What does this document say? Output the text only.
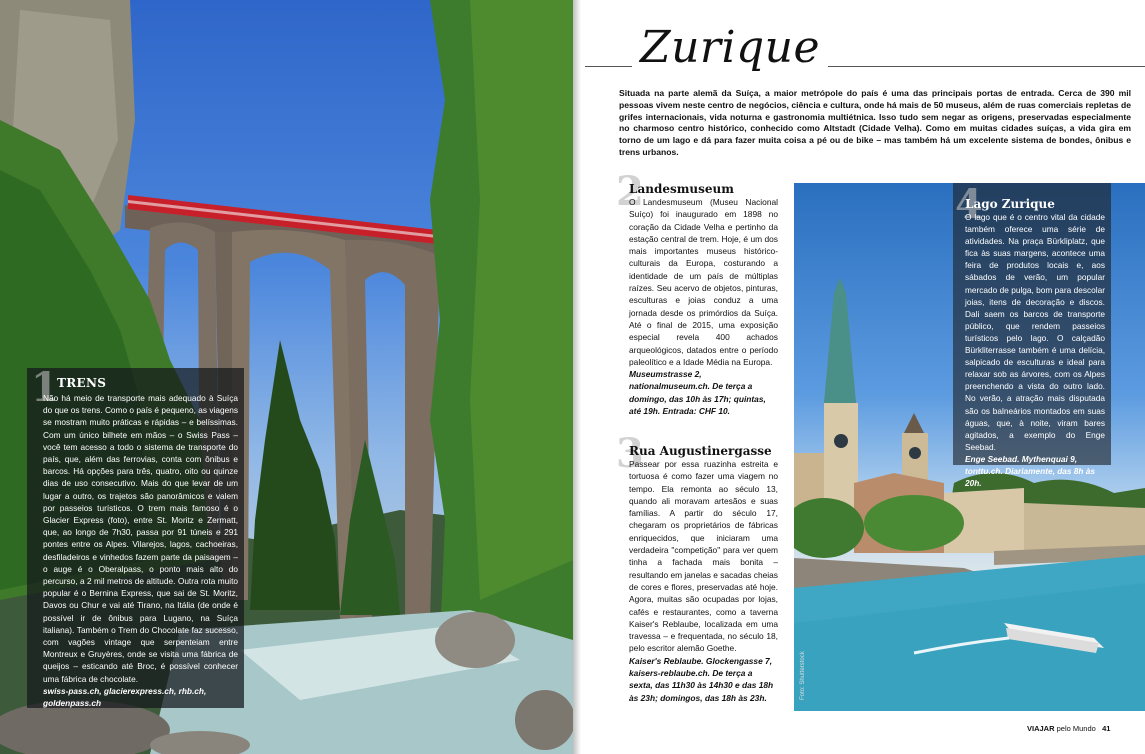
1
TRENS
Não há meio de transporte mais adequado à Suíça do que os trens. Como o país é pequeno, as viagens se mostram muito práticas e rápidas – e belíssimas. Com um único bilhete em mãos – o Swiss Pass – você tem acesso a todo o sistema de transporte do país, que, além das ferrovias, conta com ônibus e barcos. Há opções para três, quatro, oito ou quinze dias de uso consecutivo. Mais do que levar de um lugar a outro, os trajetos são panorâmicos e valem por passeios turísticos. O trem mais famoso é o Glacier Express (foto), entre St. Moritz e Zermatt, que, ao longo de 7h30, passa por 91 túneis e 291 pontes entre os Alpes. Vilarejos, lagos, cachoeiras, desfiladeiros e vinhedos fazem parte da paisagem – o auge é o Oberalpass, o ponto mais alto do percurso, a 2 mil metros de altitude. Outra rota muito popular é o Bernina Express, que sai de St. Moritz, Davos ou Chur e vai até Tirano, na Itália (de onde é possível ir de ônibus para Lugano, na Suíça italiana). Também o Trem do Chocolate faz sucesso, com vagões vintage que serpenteiam entre Montreux e Gruyères, onde se visita uma fábrica de queijos – esticando até Broc, é possível conhecer uma fábrica de chocolate.
swiss-pass.ch, glacierexpress.ch, rhb.ch, goldenpass.ch
Zurique
Situada na parte alemã da Suíça, a maior metrópole do país é uma das principais portas de entrada. Cerca de 390 mil pessoas vivem neste centro de negócios, ciência e cultura, onde há mais de 50 museus, além de ruas comerciais repletas de grifes internacionais, vida noturna e gastronomia multiétnica. Isso tudo sem negar as origens, preservadas especialmente no charmoso centro histórico, conhecido como Altstadt (Cidade Velha). Como em muitas cidades suíças, a vida gira em torno de um lago e dá para fazer muita coisa a pé ou de bike – mas também há um excelente sistema de bondes, ônibus e trens urbanos.
2
Landesmuseum
O Landesmuseum (Museu Nacional Suíço) foi inaugurado em 1898 no coração da Cidade Velha e pertinho da estação central de trem. Hoje, é um dos mais importantes museus histórico-culturais da Europa, costurando a identidade de um país de múltiplas raízes. Seu acervo de objetos, pinturas, esculturas e joias conduz a uma jornada desde os primórdios da Suíça. Até o final de 2015, uma exposição especial revela 400 achados arqueológicos, datados entre o período paleolítico e a Idade Média na Europa.
Museumstrasse 2, nationalmuseum.ch. De terça a domingo, das 10h às 17h; quintas, até 19h. Entrada: CHF 10.
3
Rua Augustinergasse
Passear por essa ruazinha estreita e tortuosa é como fazer uma viagem no tempo. Ela remonta ao século 13, quando ali moravam artesãos e suas famílias. A partir do século 17, chegaram os proprietários de fábricas enriquecidos, que iniciaram uma verdadeira "competição" para ver quem tinha a fachada mais bonita – resultando em janelas e sacadas cheias de cores e flores, preservadas até hoje. Agora, muitas são ocupadas por lojas, cafés e restaurantes, como a taverna Kaiser's Reblaube, localizada em uma travessa – e frequentada, no século 18, pelo escritor alemão Goethe.
Kaiser's Reblaube. Glockengasse 7, kaisers-reblaube.ch. De terça a sexta, das 11h30 às 14h30 e das 18h às 23h; domingos, das 18h às 23h.
4
Lago Zurique
O lago que é o centro vital da cidade também oferece uma série de atividades. Na praça Bürkliplatz, que fica às suas margens, acontece uma feira de produtos locais e, aos sábados de verão, um popular mercado de pulga, bom para descolar joias, itens de decoração e discos. Dali saem os barcos de transporte público, que rendem passeios turísticos pelo lago. O calçadão Bürkliterrasse também é uma delícia, salpicado de esculturas e ideal para relaxar sob as árvores, com os Alpes preenchendo a vista do outro lado. No verão, a atração mais disputada são os balneários montados em suas águas, que, à noite, viram bares agitados, a exemplo do Enge Seebad.
Enge Seebad. Mythenquai 9, tonttu.ch. Diariamente, das 8h às 20h.
Foto: Shutterstock
VIAJAR pelo Mundo 41
